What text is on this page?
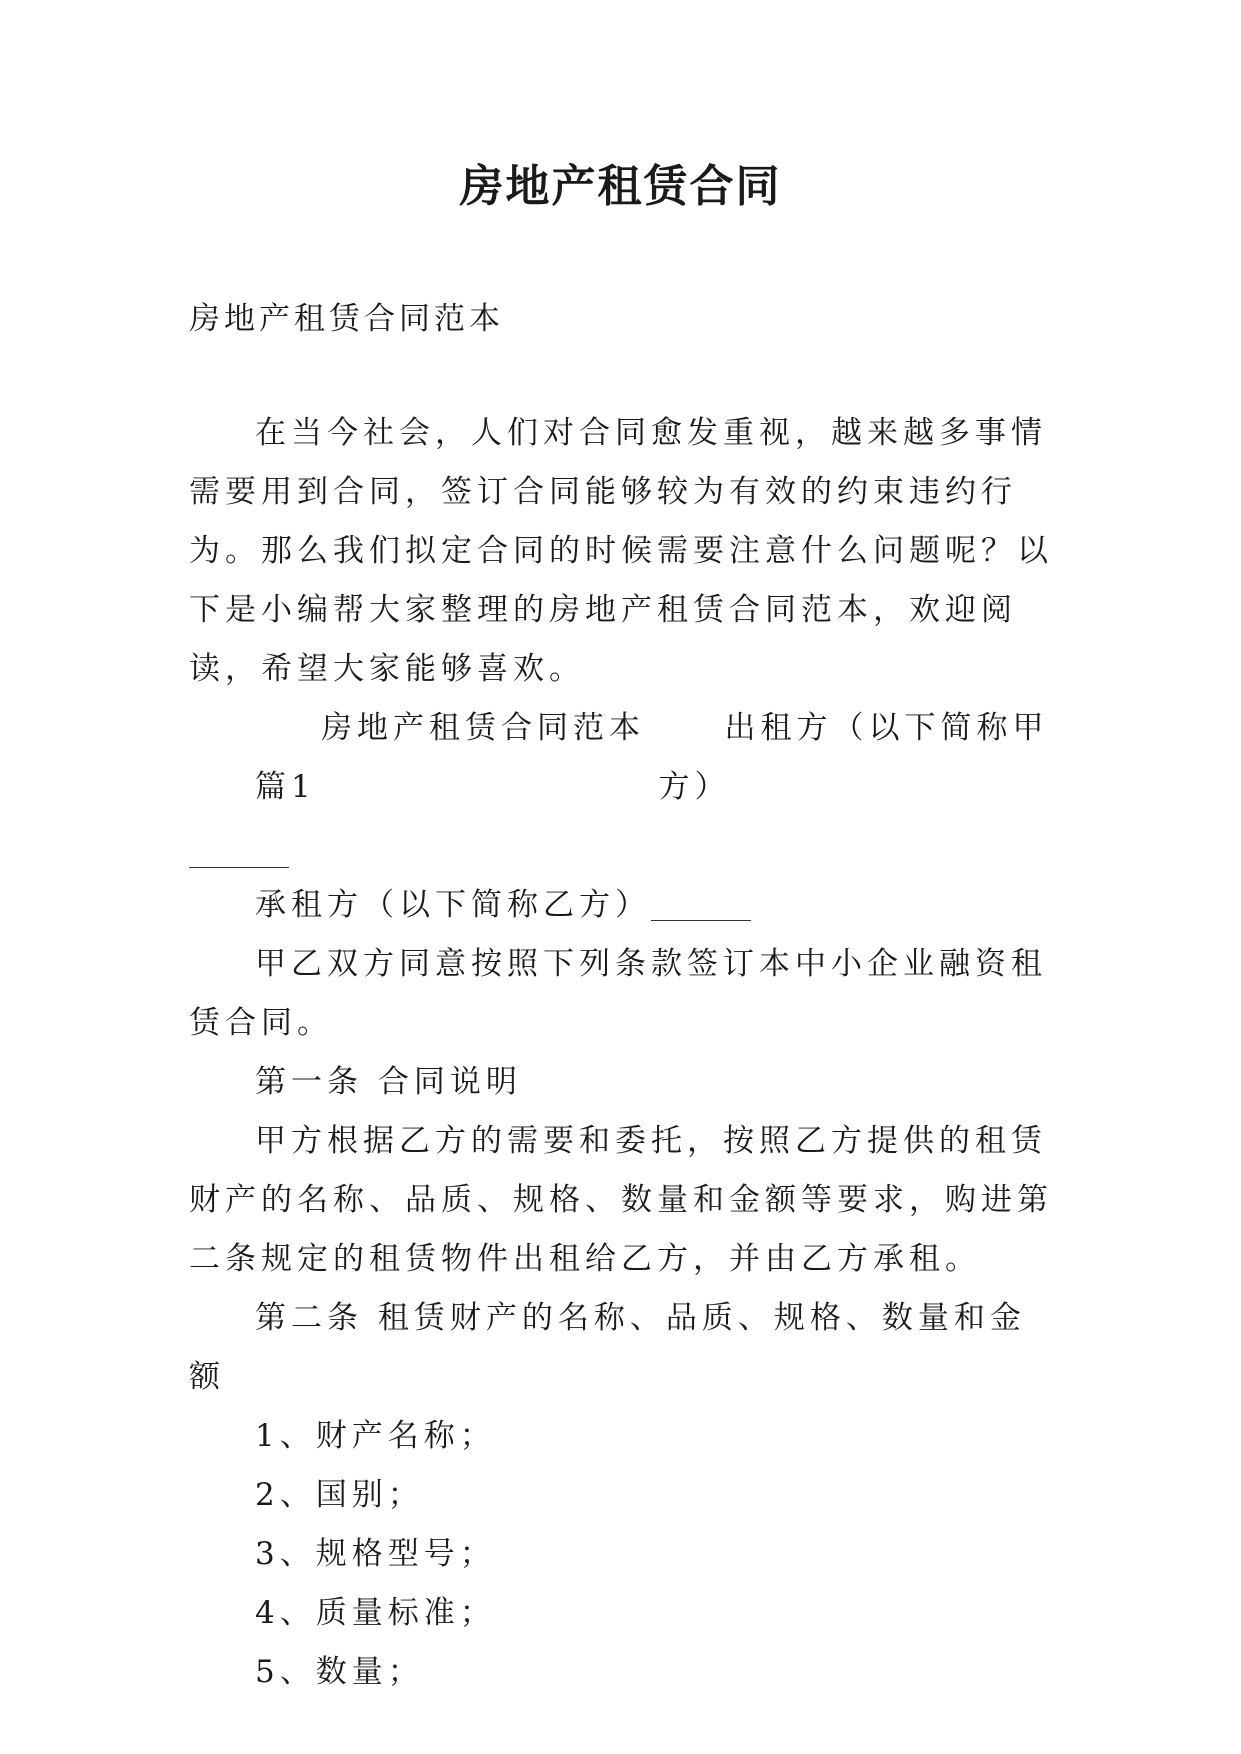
房地产租赁合同
房地产租赁合同范本

在当今社会，人们对合同愈发重视，越来越多事情需要用到合同，签订合同能够较为有效的约束违约行为。那么我们拟定合同的时候需要注意什么问题呢？以下是小编帮大家整理的房地产租赁合同范本，欢迎阅读，希望大家能够喜欢。

房地产租赁合同范本 篇1
出租方（以下简称甲方）

承租方（以下简称乙方）

甲乙双方同意按照下列条款签订本中小企业融资租赁合同。

第一条 合同说明

甲方根据乙方的需要和委托，按照乙方提供的租赁财产的名称、品质、规格、数量和金额等要求，购进第二条规定的租赁物件出租给乙方，并由乙方承租。

第二条 租赁财产的名称、品质、规格、数量和金额

1、财产名称；

2、国别；

3、规格型号；

4、质量标准；

5、数量；
